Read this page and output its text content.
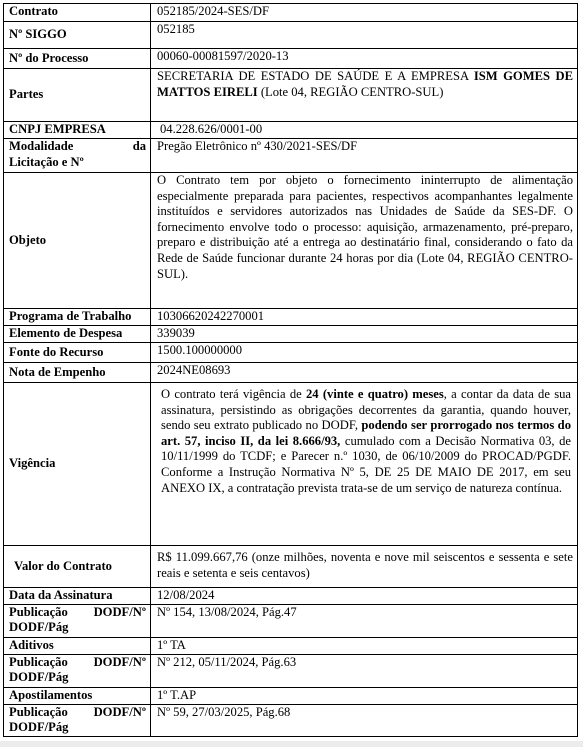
Contrato	052185/2024-SES/DF
Nº SIGGO	052185
Nº do Processo	00060-00081597/2020-13
Partes	SECRETARIA DE ESTADO DE SAÚDE E A EMPRESA ISM GOMES DE MATTOS EIRELI (Lote 04, REGIÃO CENTRO-SUL)
CNPJ EMPRESA	04.228.626/0001-00

Modalidade da
Licitação e Nº	Pregão Eletrônico nº 430/2021-SES/DF
Objeto	O Contrato tem por objeto o fornecimento ininterrupto de alimentação especialmente preparada para pacientes, respectivos acompanhantes legalmente instituídos e servidores autorizados nas Unidades de Saúde da SES-DF. O fornecimento envolve todo o processo: aquisição, armazenamento, pré-preparo, preparo e distribuição até a entrega ao destinatário final, considerando o fato da Rede de Saúde funcionar durante 24 horas por dia (Lote 04, REGIÃO CENTRO-SUL).
Programa de Trabalho	10306620242270001
Elemento de Despesa	339039
Fonte do Recurso	1500.100000000
Nota de Empenho	2024NE08693
Vigência	O contrato terá vigência de 24 (vinte e quatro) meses, a contar da data de sua assinatura, persistindo as obrigações decorrentes da garantia, quando houver, sendo seu extrato publicado no DODF, podendo ser prorrogado nos termos do art. 57, inciso II, da lei 8.666/93, cumulado com a Decisão Normativa 03, de 10/11/1999 do TCDF; e Parecer n.º 1030, de 06/10/2009 do PROCAD/PGDF. Conforme a Instrução Normativa Nº 5, DE 25 DE MAIO DE 2017, em seu ANEXO IX, a contratação prevista trata-se de um serviço de natureza contínua.
Valor do Contrato	R$ 11.099.667,76 (onze milhões, noventa e nove mil seiscentos e sessenta e sete reais e setenta e seis centavos)
Data da Assinatura	12/08/2024

Publicação DODF/Nº
DODF/Pág	Nº 154, 13/08/2024, Pág.47
Aditivos	1º TA

Publicação DODF/Nº
DODF/Pág	Nº 212, 05/11/2024, Pág.63
Apostilamentos	1º T.AP

Publicação DODF/Nº
DODF/Pág	Nº 59, 27/03/2025, Pág.68
